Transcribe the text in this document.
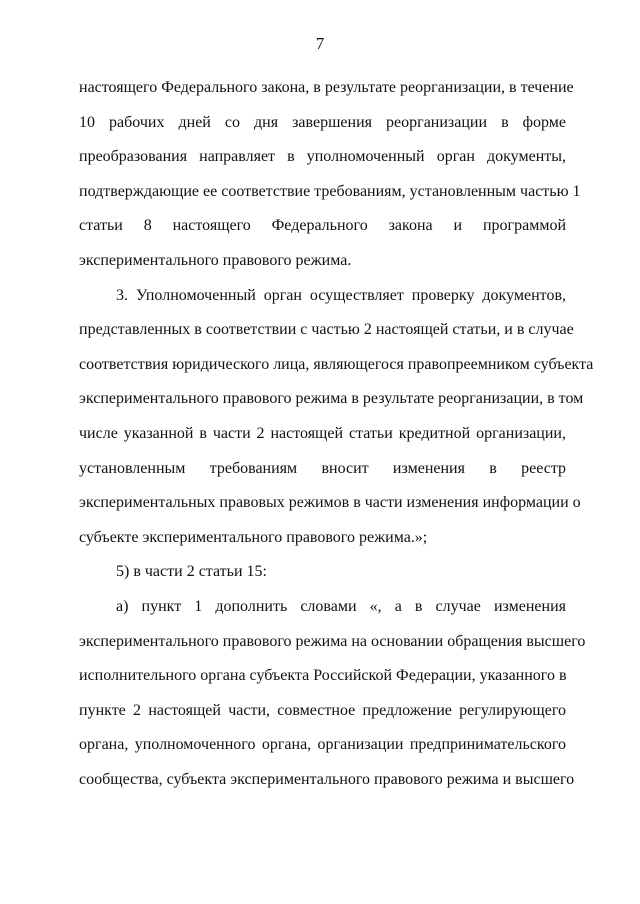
7
настоящего Федерального закона, в результате реорганизации, в течение
10 рабочих дней со дня завершения реорганизации в форме
преобразования направляет в уполномоченный орган документы,
подтверждающие ее соответствие требованиям, установленным частью 1
статьи 8 настоящего Федерального закона и программой
экспериментального правового режима.
3. Уполномоченный орган осуществляет проверку документов,
представленных в соответствии с частью 2 настоящей статьи, и в случае
соответствия юридического лица, являющегося правопреемником субъекта
экспериментального правового режима в результате реорганизации, в том
числе указанной в части 2 настоящей статьи кредитной организации,
установленным требованиям вносит изменения в реестр
экспериментальных правовых режимов в части изменения информации о
субъекте экспериментального правового режима.»;
5) в части 2 статьи 15:
а) пункт 1 дополнить словами «, а в случае изменения
экспериментального правового режима на основании обращения высшего
исполнительного органа субъекта Российской Федерации, указанного в
пункте 2 настоящей части, совместное предложение регулирующего
органа, уполномоченного органа, организации предпринимательского
сообщества, субъекта экспериментального правового режима и высшего
